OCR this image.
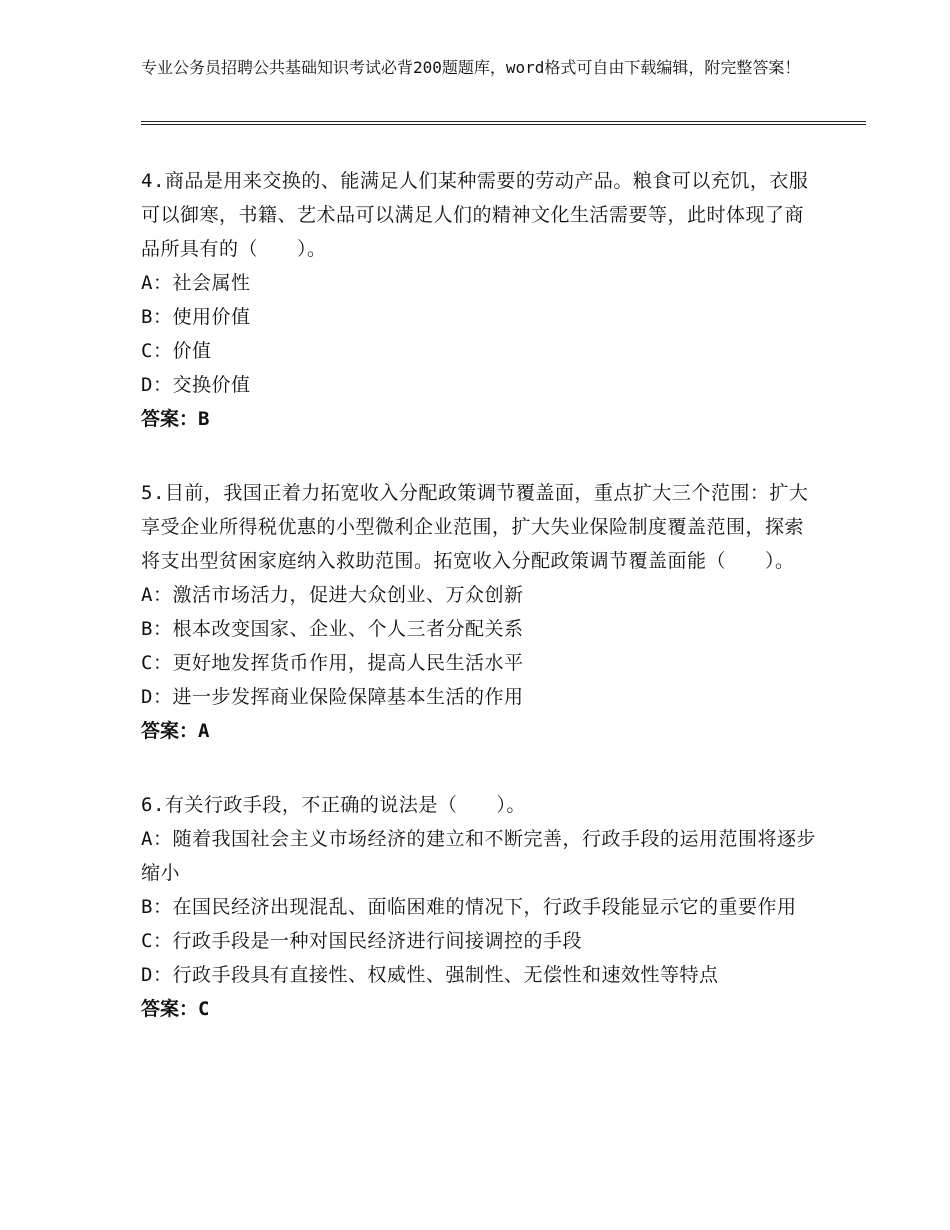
专业公务员招聘公共基础知识考试必背200题题库，word格式可自由下载编辑，附完整答案！
4.商品是用来交换的、能满足人们某种需要的劳动产品。粮食可以充饥，衣服可以御寒，书籍、艺术品可以满足人们的精神文化生活需要等，此时体现了商品所具有的（　　）。
A：社会属性
B：使用价值
C：价值
D：交换价值
答案：B
5.目前，我国正着力拓宽收入分配政策调节覆盖面，重点扩大三个范围：扩大享受企业所得税优惠的小型微利企业范围，扩大失业保险制度覆盖范围，探索将支出型贫困家庭纳入救助范围。拓宽收入分配政策调节覆盖面能（　　）。
A：激活市场活力，促进大众创业、万众创新
B：根本改变国家、企业、个人三者分配关系
C：更好地发挥货币作用，提高人民生活水平
D：进一步发挥商业保险保障基本生活的作用
答案：A
6.有关行政手段，不正确的说法是（　　）。
A：随着我国社会主义市场经济的建立和不断完善，行政手段的运用范围将逐步缩小
B：在国民经济出现混乱、面临困难的情况下，行政手段能显示它的重要作用
C：行政手段是一种对国民经济进行间接调控的手段
D：行政手段具有直接性、权威性、强制性、无偿性和速效性等特点
答案：C
